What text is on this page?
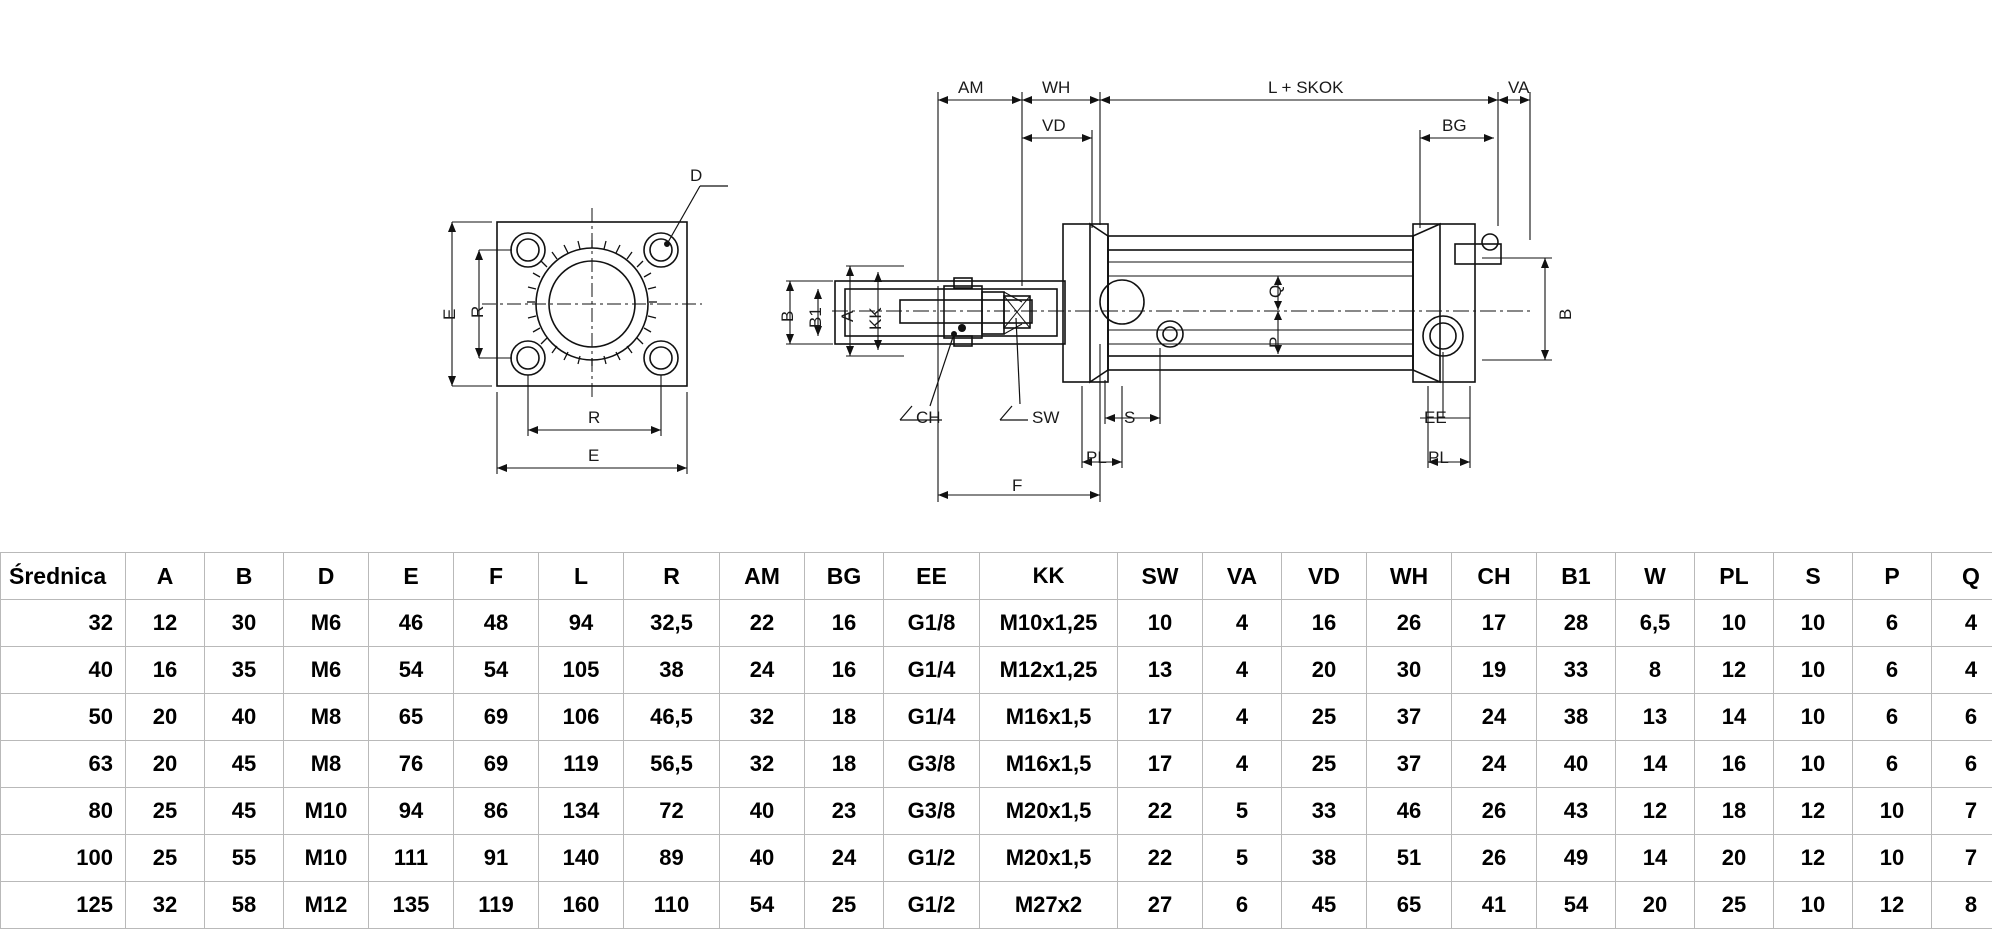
D
E R
R
E
AM	WH	L + SKOK	VA
VD	BG
B B1 A KK	B
Q
P
CH	SW	S
PL
EE
PL
F
Średnica	A	B	D	E	F	L	R	AM	BG	EE	KK	SW	VA	VD	WH	CH	B1	W	PL	S	P	Q
32	12	30	M6	46	48	94	32,5	22	16	G1/8	M10x1,25	10	4	16	26	17	28	6,5	10	10	6	4
40	16	35	M6	54	54	105	38	24	16	G1/4	M12x1,25	13	4	20	30	19	33	8	12	10	6	4
50	20	40	M8	65	69	106	46,5	32	18	G1/4	M16x1,5	17	4	25	37	24	38	13	14	10	6	6
63	20	45	M8	76	69	119	56,5	32	18	G3/8	M16x1,5	17	4	25	37	24	40	14	16	10	6	6
80	25	45	M10	94	86	134	72	40	23	G3/8	M20x1,5	22	5	33	46	26	43	12	18	12	10	7
100	25	55	M10	111	91	140	89	40	24	G1/2	M20x1,5	22	5	38	51	26	49	14	20	12	10	7
125	32	58	M12	135	119	160	110	54	25	G1/2	M27x2	27	6	45	65	41	54	20	25	10	12	8
